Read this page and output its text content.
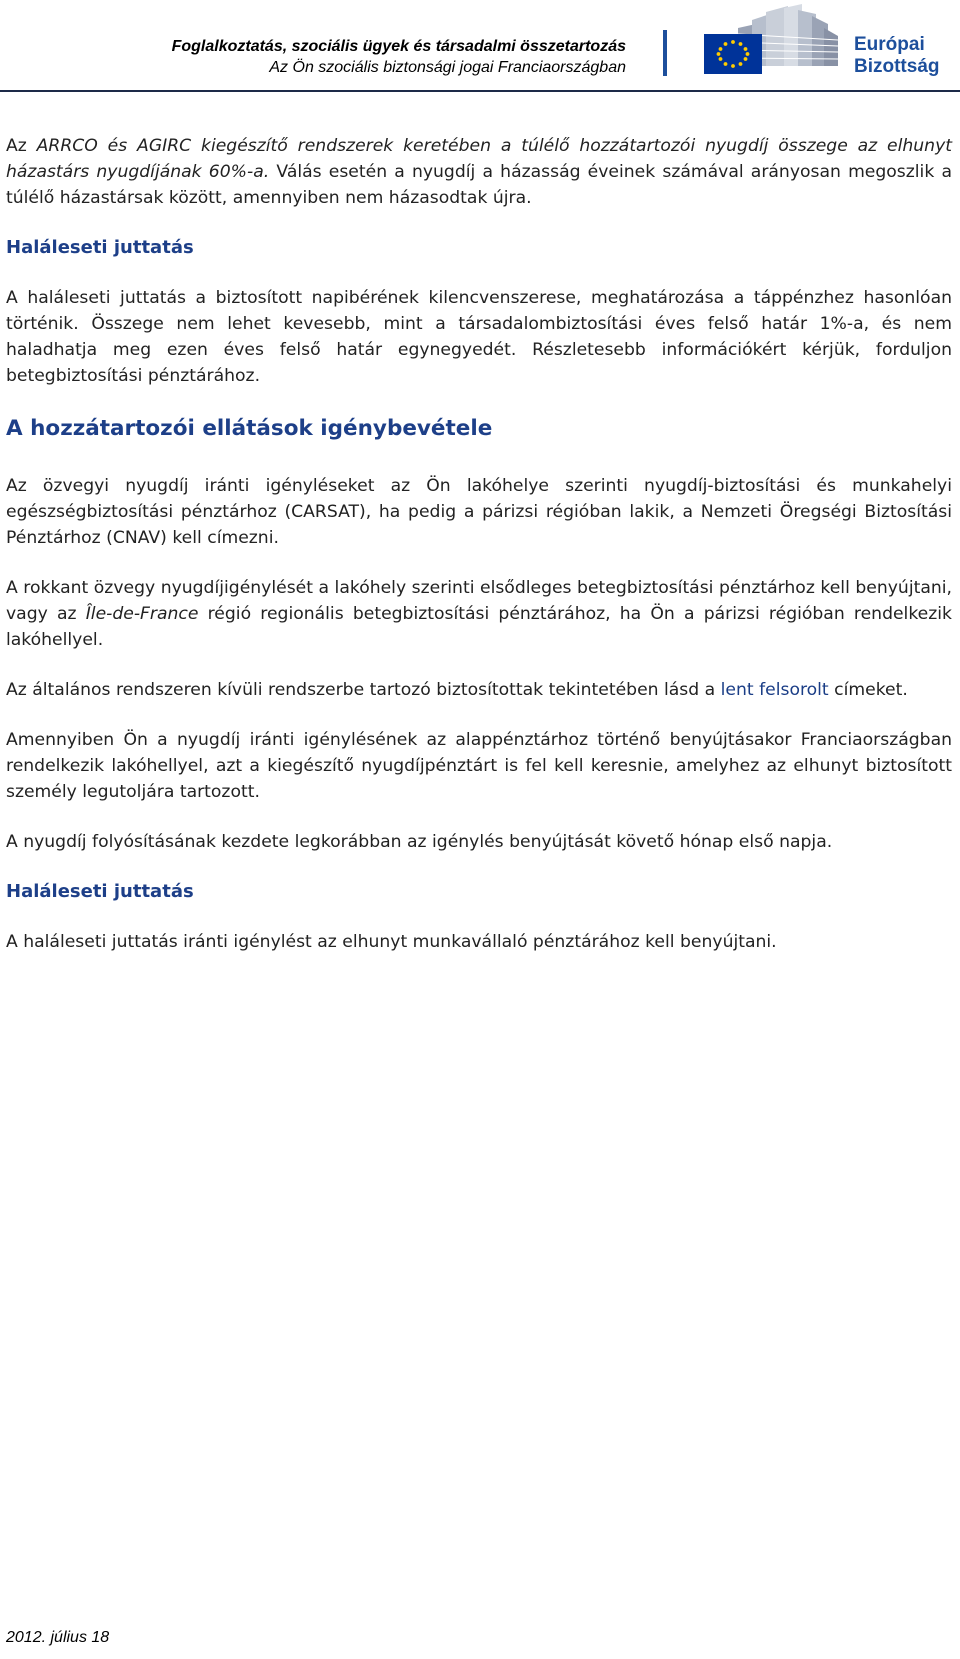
Foglalkoztatás, szociális ügyek és társadalmi összetartozás
Az Ön szociális biztonsági jogai Franciaországban
Európai
Bizottság

Az ARRCO és AGIRC kiegészítő rendszerek keretében a túlélő hozzátartozói nyugdíj összege az elhunyt házastárs nyugdíjának 60%-a. Válás esetén a nyugdíj a házasság éveinek számával arányosan megoszlik a túlélő házastársak között, amennyiben nem házasodtak újra.

Haláleseti juttatás

A haláleseti juttatás a biztosított napibérének kilencvenszerese, meghatározása a táppénzhez hasonlóan történik. Összege nem lehet kevesebb, mint a társadalombiztosítási éves felső határ 1%-a, és nem haladhatja meg ezen éves felső határ egynegyedét. Részletesebb információkért kérjük, forduljon betegbiztosítási pénztárához.

A hozzátartozói ellátások igénybevétele

Az özvegyi nyugdíj iránti igényléseket az Ön lakóhelye szerinti nyugdíj-biztosítási és munkahelyi egészségbiztosítási pénztárhoz (CARSAT), ha pedig a párizsi régióban lakik, a Nemzeti Öregségi Biztosítási Pénztárhoz (CNAV) kell címezni.

A rokkant özvegy nyugdíjigénylését a lakóhely szerinti elsődleges betegbiztosítási pénztárhoz kell benyújtani, vagy az Île-de-France régió regionális betegbiztosítási pénztárához, ha Ön a párizsi régióban rendelkezik lakóhellyel.

Az általános rendszeren kívüli rendszerbe tartozó biztosítottak tekintetében lásd a lent felsorolt címeket.

Amennyiben Ön a nyugdíj iránti igénylésének az alappénztárhoz történő benyújtásakor Franciaországban rendelkezik lakóhellyel, azt a kiegészítő nyugdíjpénztárt is fel kell keresnie, amelyhez az elhunyt biztosított személy legutoljára tartozott.

A nyugdíj folyósításának kezdete legkorábban az igénylés benyújtását követő hónap első napja.

Haláleseti juttatás

A haláleseti juttatás iránti igénylést az elhunyt munkavállaló pénztárához kell benyújtani.

2012. július 18
